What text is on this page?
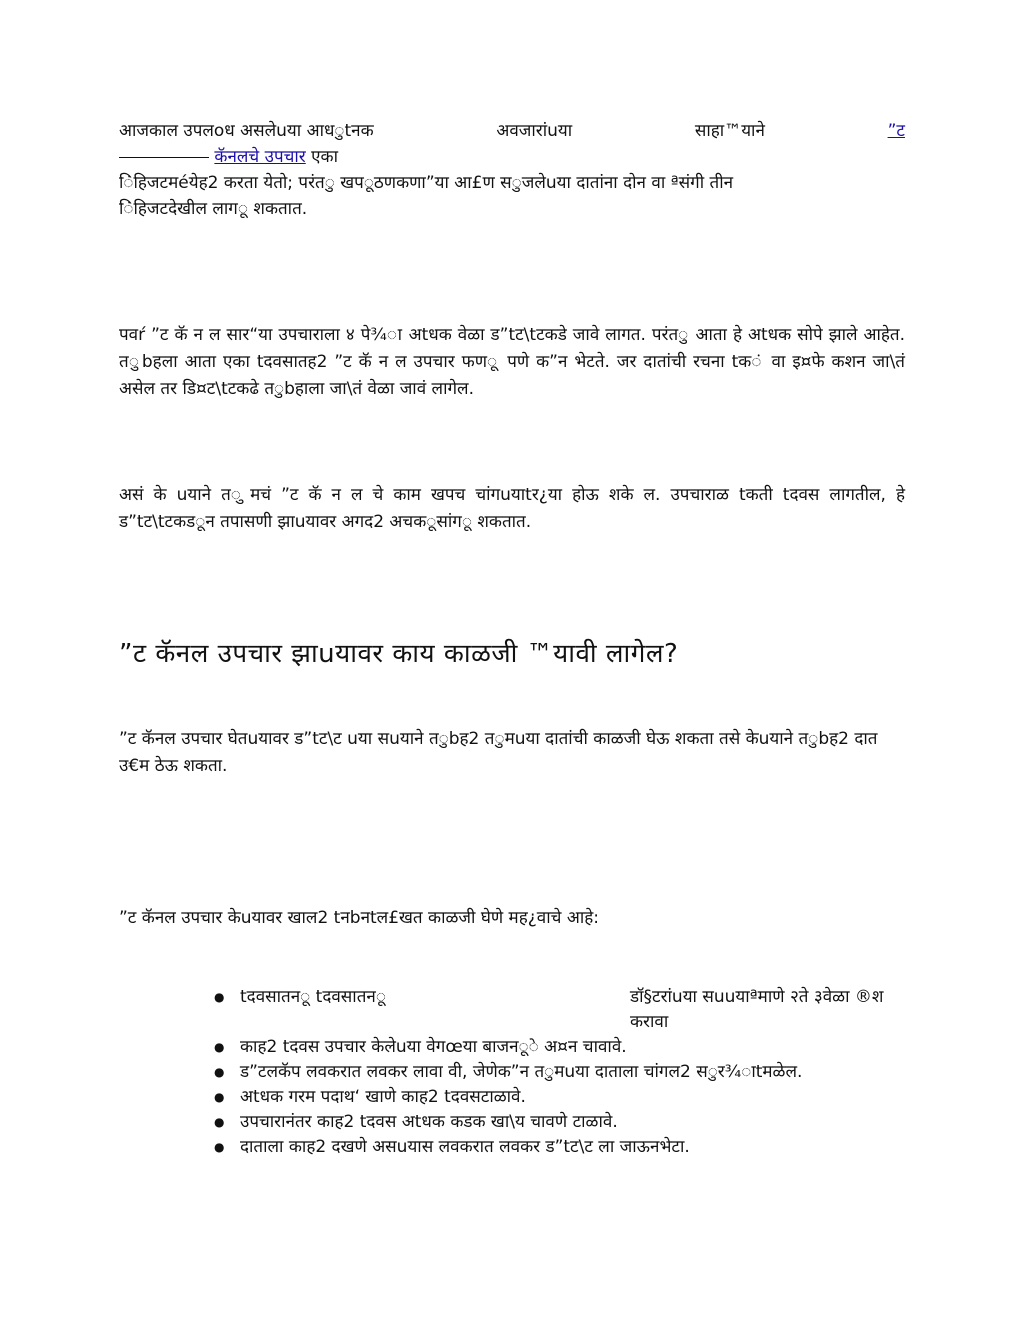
आजकाल उपलoध असलेuया आध◌ुtनक	अवजारांuया	साहा™याने	”ट
कॅनलचे उपचार एका
◌ि‍ंहिजटमéयेह2 करता येतो; परंत◌ु खप◌ूठणकणा”या आ£ण स◌ुजलेuया दातांना दोन वा ªसंगी तीन
◌ि‍ंहिजटदेखील लाग◌ू शकतात.

पवŕ ”ट कॅ न ल सार“या उपचाराला ४ पे¾◌ा अtधक वेळा ड”tट\tटकडे जावे लागत. परंत◌ु आता हे अtधक सोपे झाले आहेत. त◌ुbहला आता एका tदवसातह2 ”ट कॅ न ल उपचार फण◌ू पणे क”न भेटते. जर दातांची रचना tक◌ं वा इ¤फे कशन जा\तं असेल तर डि¤ट\tटकढे त◌ुbहाला जा\तं वेळा जावं लागेल.

असं के uयाने त◌ुमचं ”ट कॅ न ल चे काम खपच चांगuयाtर¿या होऊ शके ल. उपचाराळ tकती tदवस लागतील, हे ड”tट\tटकड◌ून तपासणी झाuयावर अगद2 अचक◌ूसांग◌ू शकतात.

”ट कॅनल उपचार झाuयावर काय काळजी ™यावी लागेल?

”ट कॅनल उपचार घेतuयावर ड”tट\ट uया सuयाने त◌ुbह2 त◌ुमuया दातांची काळजी घेऊ शकता तसे केuयाने त◌ुbह2 दात उ€म ठेऊ शकता.

”ट कॅनल उपचार केuयावर खाल2 tनbनtल£खत काळजी घेणे मह¿वाचे आहे:

● tदवसातन◌ू tदवसातन◌ू	डॉ§टरांuया सuuयाªमाणे २ते ३वेळा ®श करावा
● काह2 tदवस उपचार केलेuया वेगœया बाजन◌ू◌े अ¤न चावावे.
● ड”टलकॅप लवकरात लवकर लावा वी, जेणेक”न त◌ुमuया दाताला चांगल2 स◌ुर¾◌ाtमळेल.
● अtधक गरम पदाथ‘ खाणे काह2 tदवसटाळावे.
● उपचारानंतर काह2 tदवस अtधक कडक खा\य चावणे टाळावे.
● दाताला काह2 दखणे असuयास लवकरात लवकर ड”tट\ट ला जाऊनभेटा.
